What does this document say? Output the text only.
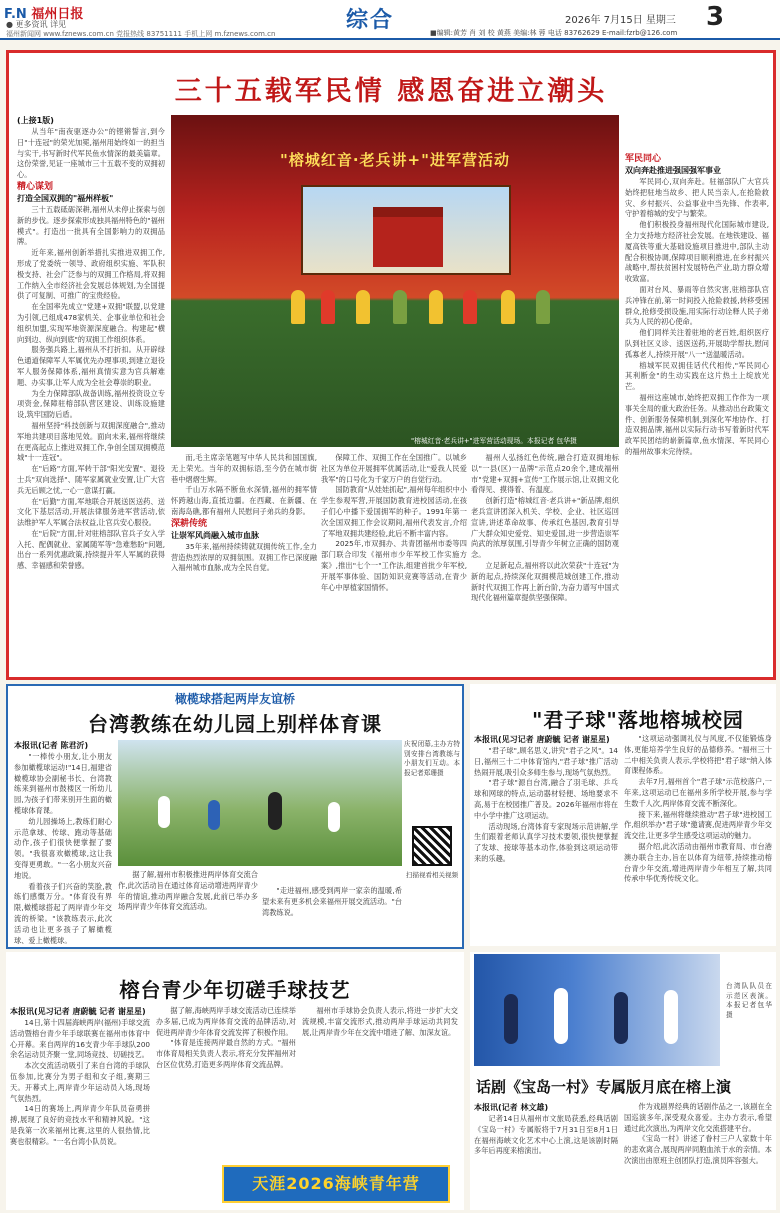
F.N 福州日报
● 更多资讯 详见
福州新闻网 www.fznews.com.cn 党报热线 83751111 手机上网 m.fznews.com.cn
综合	2026年 7月15日 星期三 3
■编辑:黄芳 肖 刘 校 黄燕 美编:林 蓉 电话 83762629 E-mail:fzrb@126.com
三十五载军民情 感恩奋进立潮头
(上接1版)

从当年"南夜驱逐办公"的铿锵誓言,到今日"十连冠"的荣光加冕,福州用始终如一的担当与实干,书写新时代军民鱼水情深的最美篇章。这份荣誉,见证一座城市三十五载不变的双拥初心。

精心谋划
打造全国双拥的"福州样板"

三十五载砥砺深耕,福州从未停止探索与创新的步伐。逐步探索形成独具福州特色的"福州模式"。打造出一批具有全国影响力的双拥品牌。

近年来,福州创新举措扎实推进双拥工作,形成了党委统一领导、政府组织实施、军队积极支持、社会广泛参与的双拥工作格局,将双拥工作纳入全市经济社会发展总体规划,为全国提供了可复制、可推广的宝贵经验。

在全国率先成立"党建+双拥"联盟,以党建为引领,已组成478家机关、企事业单位和社会组织加盟,实现军地资源深度融合。构建起"横向到边、纵向到底"的双拥工作组织体系。

服务强兵路上,福州从不打折扣。从开辟绿色通道保障军人军属优先办理事项,到建立退役军人服务保障体系,福州真情实意为官兵解难题、办实事,让军人成为全社会尊崇的职业。

为全力保障部队战备训练,福州投资设立专项资金,保障驻榕部队营区建设、训练设施建设,筑牢国防后盾。

福州坚持"科技创新与双拥深度融合",推动军地共建项目落地见效。面向未来,福州将继续在更高起点上推进双拥工作,争创全国双拥模范城"十一连冠"。

在"后路"方面,军转干部"阳光安置"、退役士兵"双向选择"、随军家属就业安置,让广大官兵无后顾之忧,一心一意谋打赢。

在"后勤"方面,军地联合开展送医送药、送文化下基层活动,开展法律服务进军营活动,依法维护军人军属合法权益,让官兵安心服役。

在"后院"方面,针对驻榕部队官兵子女入学入托、配偶就业、家属随军等"急难愁盼"问题,出台一系列优惠政策,持续提升军人军属的获得感、幸福感和荣誉感。

"榕城红音·老兵讲+"进军营活动
"榕城红音·老兵讲+"进军营活动现场。本报记者 包华摄

而,毛主席亲笔题写中华人民共和国国旗,无上荣光。当年的双拥标语,至今仍在城市街巷中熠熠生辉。

千山万水隔不断鱼水深情,福州的拥军情怀跨越山海,直抵边疆。在西藏、在新疆、在南海岛礁,都有福州人民慰问子弟兵的身影。

深耕传统
让崇军风尚融入城市血脉

35年来,福州持续铸就双拥传统工作,全力营造热烈浓厚的双拥氛围。双拥工作已深度融入福州城市血脉,成为全民自觉。

保障工作、双拥工作在全国推广。以城乡社区为单位开展拥军优属活动,让"爱我人民爱我军"的口号化为千家万户的自觉行动。

国防教育"从娃娃抓起",福州每年组织中小学生参观军营,开展国防教育进校园活动,在孩子们心中播下爱国拥军的种子。1991年第一次全国双拥工作会议期间,福州代表发言,介绍了军地双拥共建经验,此后不断丰富内容。

2025年,市双拥办、共青团福州市委等四部门联合印发《福州市少年军校工作实施方案》,推出"七个一"工作法,组建首批少年军校,开展军事体验、国防知识竞赛等活动,在青少年心中厚植家国情怀。

福州人弘扬红色传统,融合打造双拥地标以"一县(区)一品牌"示范点20余个,建成福州市"党建+双拥+宣传"工作展示馆,让双拥文化看得见、摸得着、有温度。

创新打造"榕城红音·老兵讲+"新品牌,组织老兵宣讲团深入机关、学校、企业、社区巡回宣讲,讲述革命故事、传承红色基因,教育引导广大群众知史爱党、知史爱国,进一步营造崇军尚武的浓厚氛围,引导青少年树立正确的国防观念。

立足新起点,福州将以此次荣获"十连冠"为新的起点,持续深化双拥模范城创建工作,推动新时代双拥工作再上新台阶,为奋力谱写中国式现代化福州篇章提供坚强保障。

军民同心
双向奔赴推进强国强军事业

军民同心,双向奔赴。驻福部队广大官兵始终把驻地当故乡、把人民当亲人,在抢险救灾、乡村振兴、公益事业中当先锋、作表率,守护着榕城的安宁与繁荣。

他们积极投身福州现代化国际城市建设,全力支持地方经济社会发展。在地铁建设、福厦高铁等重大基础设施项目推进中,部队主动配合积极协调,保障项目顺利推进,在乡村振兴战略中,帮扶贫困村发展特色产业,助力群众增收致富。

面对台风、暴雨等自然灾害,驻榕部队官兵冲锋在前,第一时间投入抢险救援,转移受困群众,抢修受损设施,用实际行动诠释人民子弟兵为人民的初心使命。

他们同样关注着驻地的老百姓,组织医疗队到社区义诊、送医送药,开展助学帮扶,慰问孤寡老人,持续开展"八一"送温暖活动。

榕城军民双拥佳话代代相传,"军民同心 其利断金"的生动实践在这片热土上绽放光芒。

福州这座城市,始终把双拥工作作为一项事关全局的重大政治任务。从推动出台政策文件、创新服务保障机制,到深化军地协作、打造双拥品牌,福州以实际行动书写着新时代军政军民团结的崭新篇章,鱼水情深、军民同心的福州故事未完待续。

橄榄球搭起两岸友谊桥
台湾教练在幼儿园上别样体育课
本报讯(记者 陈君沂)

"一棒传小朋友,让小朋友参加橄榄球运动!"14日,福建省橄榄球协会副秘书长、台湾教练来到福州市鼓楼区一所幼儿园,为孩子们带来别开生面的橄榄球体育课。

幼儿园操场上,教练们耐心示范拿球、传球、跑动等基础动作,孩子们很快便掌握了要领。"我很喜欢橄榄球,这让我变得更勇敢。"一名小朋友兴奋地说。

看着孩子们兴奋的笑脸,教练们感慨万分。"体育没有界限,橄榄球搭起了两岸青少年交流的桥梁。"该教练表示,此次活动也让更多孩子了解橄榄球、爱上橄榄球。

庆祝闭幕,主办方特别安排台湾教练与小朋友们互动。本报记者郑珊摄
扫描视看相关视频

据了解,福州市积极推进两岸体育交流合作,此次活动旨在通过体育运动增进两岸青少年的情谊,推动两岸融合发展,此前已举办多场两岸青少年体育交流活动。

"走进福州,感受到两岸一家亲的温暖,希望未来有更多机会来福州开展交流活动。"台湾教练说。

"君子球"落地榕城校园
本报讯(见习记者 唐蔚毓 记者 谢星星)

"君子球",顾名思义,讲究"君子之风"。14日,福州三十二中体育馆内,"君子球"推广活动热闹开展,吸引众多师生参与,现场气氛热烈。

"君子球"源自台湾,融合了羽毛球、乒乓球和网球的特点,运动器材轻便、场地要求不高,易于在校园推广普及。2026年福州市将在中小学中推广这项运动。

活动现场,台湾体育专家现场示范讲解,学生们跟着老师认真学习技术要领,很快便掌握了发球、接球等基本动作,体验到这项运动带来的乐趣。

"这项运动强调礼仪与风度,不仅能锻炼身体,更能培养学生良好的品德修养。"福州三十二中相关负责人表示,学校将把"君子球"纳入体育课程体系。

去年7月,福州首个"君子球"示范校落户,一年来,这项运动已在福州多所学校开展,参与学生数千人次,两岸体育交流不断深化。

接下来,福州将继续推动"君子球"进校园工作,组织举办"君子球"邀请赛,促进两岸青少年交流交往,让更多学生感受这项运动的魅力。

据介绍,此次活动由福州市教育局、市台港澳办联合主办,旨在以体育为纽带,持续推动榕台青少年交流,增进两岸青少年相互了解,共同传承中华优秀传统文化。

榕台青少年切磋手球技艺
本报讯(见习记者 唐蔚毓 记者 谢星星)

14日,第十四届海峡两岸(福州)手球交流活动暨榕台青少年手球联赛在福州市体育中心开幕。来自两岸的16支青少年手球队200余名运动员齐聚一堂,同场竞技、切磋技艺。

本次交流活动吸引了来自台湾的手球队伍参加,比赛分为男子组和女子组,赛期三天。开幕式上,两岸青少年运动员入场,现场气氛热烈。

14日的赛场上,两岸青少年队员奋勇拼搏,展现了良好的竞技水平和精神风貌。"这是我第一次来福州比赛,这里的人很热情,比赛也很精彩。"一名台湾小队员说。

据了解,海峡两岸手球交流活动已连续举办多届,已成为两岸体育交流的品牌活动,对促进两岸青少年体育交流发挥了积极作用。

"体育是连接两岸最自然的方式。"福州市体育局相关负责人表示,将充分发挥福州对台区位优势,打造更多两岸体育交流品牌。

福州市手球协会负责人表示,将进一步扩大交流规模,丰富交流形式,推动两岸手球运动共同发展,让两岸青少年在交流中增进了解、加深友谊。

天涯2026海峡青年营
台湾队队员在示范区表演。本报记者包华摄
话剧《宝岛一村》专属版月底在榕上演
本报讯(记者 林文雄)

记者14日从福州市文旅局获悉,经典话剧《宝岛一村》专属版将于7月31日至8月1日在福州海峡文化艺术中心上演,这是该剧时隔多年后再度来榕演出。

作为戏剧界经典的话剧作品之一,该剧在全国巡演多年,深受观众喜爱。主办方表示,希望通过此次演出,为两岸文化交流搭建平台。

《宝岛一村》讲述了眷村三户人家数十年的悲欢离合,展现两岸同胞血浓于水的亲情。本次演出由原班主创团队打造,演员阵容强大。
